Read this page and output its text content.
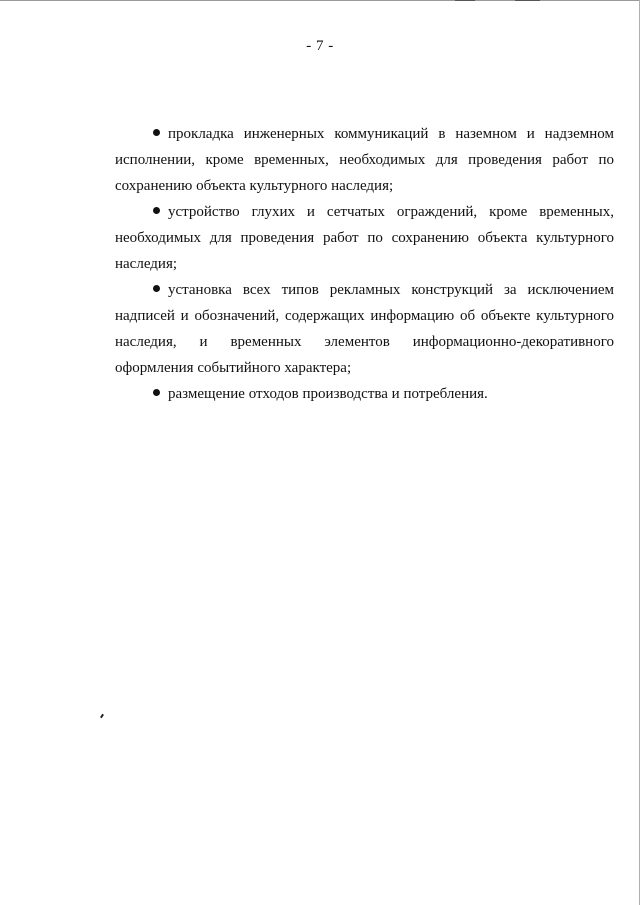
- 7 -

прокладка инженерных коммуникаций в наземном и надземном исполнении, кроме временных, необходимых для проведения работ по сохранению объекта культурного наследия;

устройство глухих и сетчатых ограждений, кроме временных, необходимых для проведения работ по сохранению объекта культурного наследия;

установка всех типов рекламных конструкций за исключением надписей и обозначений, содержащих информацию об объекте культурного наследия, и временных элементов информационно-декоративного оформления событийного характера;

размещение отходов производства и потребления.
